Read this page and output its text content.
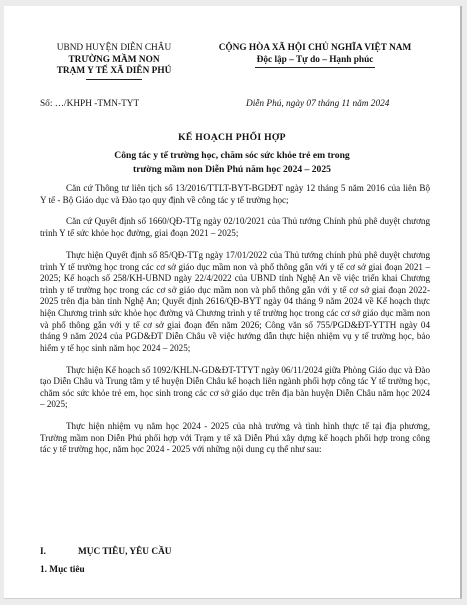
UBND HUYỆN DIỄN CHÂU
TRƯỜNG MẦM NON
TRẠM Y TẾ XÃ DIỄN PHÚ
CỘNG HÒA XÃ HỘI CHỦ NGHĨA VIỆT NAM
Độc lập – Tự do – Hạnh phúc
Số: …/KHPH -TMN-TYT	Diễn Phú, ngày 07 tháng 11 năm 2024
KẾ HOẠCH PHỐI HỢP
Công tác y tế trường học, chăm sóc sức khỏe trẻ em trong
trường mầm non Diễn Phú năm học 2024 – 2025

Căn cứ Thông tư liên tịch số 13/2016/TTLT-BYT-BGDĐT ngày 12 tháng 5 năm 2016 của liên Bộ Y tế - Bộ Giáo dục và Đào tạo quy định về công tác y tế trường học;

Căn cứ Quyết định số 1660/QĐ-TTg ngày 02/10/2021 của Thủ tướng Chính phủ phê duyệt chương trình Y tế sức khỏe học đường, giai đoạn 2021 – 2025;

Thực hiện Quyết định số 85/QĐ-TTg ngày 17/01/2022 của Thủ tướng chính phủ phê duyệt chương trình Y tế trường học trong các cơ sở giáo dục mầm non và phổ thông gắn với y tế cơ sở giai đoạn 2021 – 2025; Kế hoạch số 258/KH-UBND ngày 22/4/2022 của UBND tỉnh Nghệ An về việc triển khai Chương trình y tế trường học trong các cơ sở giáo dục mầm non và phổ thông gắn với y tế cơ sở giai đoạn 2022-2025 trên địa bàn tỉnh Nghệ An; Quyết định 2616/QĐ-BYT ngày 04 tháng 9 năm 2024 về Kế hoạch thực hiện Chương trình sức khỏe học đường và Chương trình y tế trường học trong các cơ sở giáo dục mầm non và phổ thông gắn với y tế cơ sở giai đoạn đến năm 2026; Công văn số 755/PGD&ĐT-YTTH ngày 04 tháng 9 năm 2024 của PGD&ĐT Diễn Châu về việc hướng dẫn thực hiện nhiệm vụ y tế trường học, bảo hiểm y tế học sinh năm học 2024 – 2025;

Thực hiện Kế hoạch số 1092/KHLN-GD&ĐT-TTYT ngày 06/11/2024 giữa Phòng Giáo dục và Đào tạo Diễn Châu và Trung tâm y tế huyện Diễn Châu kế hoạch liên ngành phối hợp công tác Y tế trường học, chăm sóc sức khỏe trẻ em, học sinh trong các cơ sở giáo dục trên địa bàn huyện Diễn Châu năm học 2024 – 2025;

Thực hiện nhiệm vụ năm học 2024 - 2025 của nhà trường và tình hình thực tế tại địa phương, Trường mầm non Diễn Phú phối hợp với Trạm y tế xã Diễn Phú xây dựng kế hoạch phối hợp trong công tác y tế trường học, năm học 2024 - 2025 với những nội dung cụ thể như sau:

I.	MỤC TIÊU, YÊU CẦU
1. Mục tiêu
